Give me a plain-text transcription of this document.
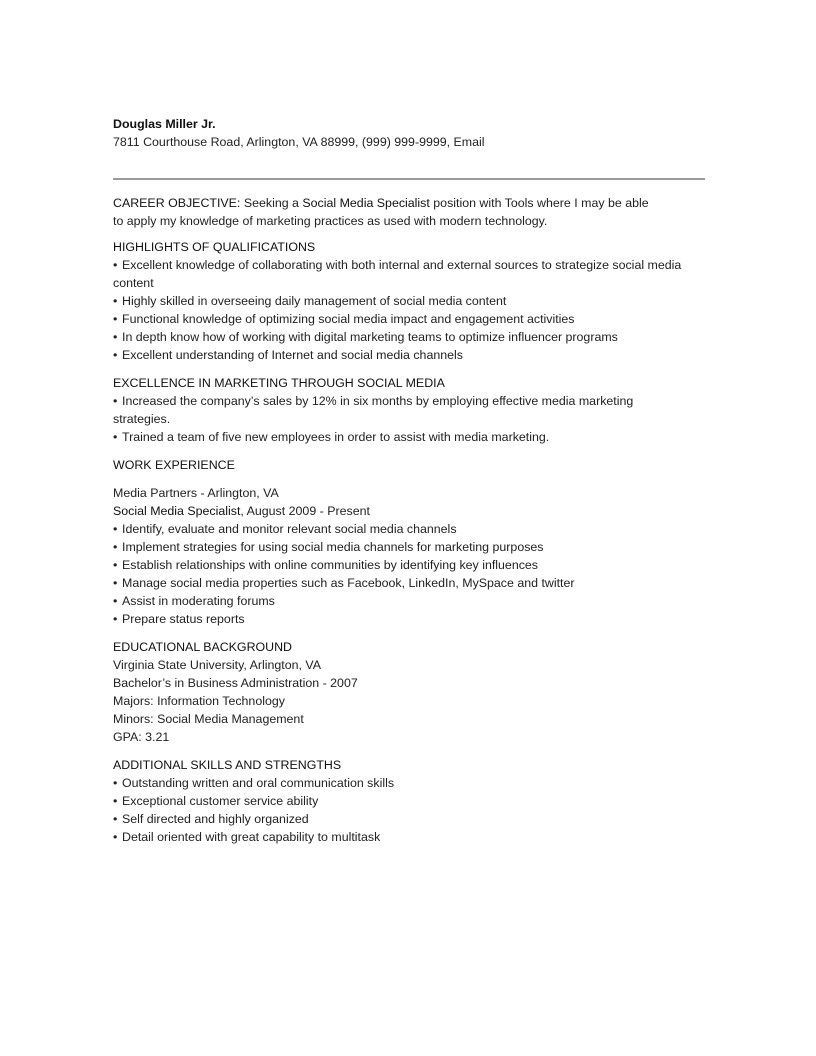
Douglas Miller Jr.
7811 Courthouse Road, Arlington, VA 88999, (999) 999-9999, Email
CAREER OBJECTIVE: Seeking a Social Media Specialist position with Tools where I may be able
to apply my knowledge of marketing practices as used with modern technology.
HIGHLIGHTS OF QUALIFICATIONS
• Excellent knowledge of collaborating with both internal and external sources to strategize social media content
• Highly skilled in overseeing daily management of social media content
• Functional knowledge of optimizing social media impact and engagement activities
• In depth know how of working with digital marketing teams to optimize influencer programs
• Excellent understanding of Internet and social media channels
EXCELLENCE IN MARKETING THROUGH SOCIAL MEDIA
• Increased the company’s sales by 12% in six months by employing effective media marketing strategies.
• Trained a team of five new employees in order to assist with media marketing.
WORK EXPERIENCE
Media Partners - Arlington, VA
Social Media Specialist, August 2009 - Present
• Identify, evaluate and monitor relevant social media channels
• Implement strategies for using social media channels for marketing purposes
• Establish relationships with online communities by identifying key influences
• Manage social media properties such as Facebook, LinkedIn, MySpace and twitter
• Assist in moderating forums
• Prepare status reports
EDUCATIONAL BACKGROUND
Virginia State University, Arlington, VA
Bachelor’s in Business Administration - 2007
Majors: Information Technology
Minors: Social Media Management
GPA: 3.21
ADDITIONAL SKILLS AND STRENGTHS
• Outstanding written and oral communication skills
• Exceptional customer service ability
• Self directed and highly organized
• Detail oriented with great capability to multitask
